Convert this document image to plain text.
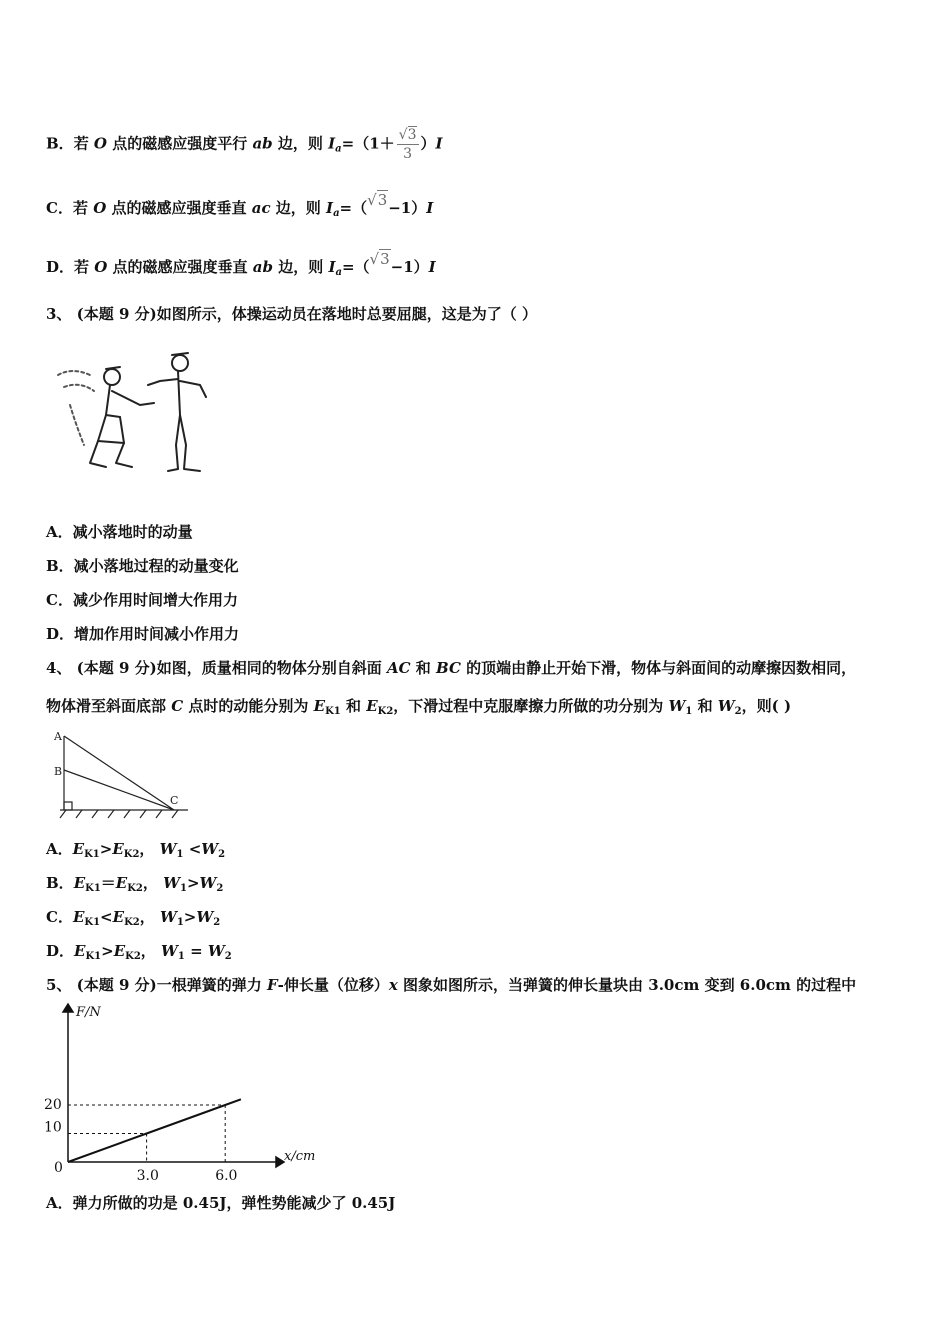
B．若 O 点的磁感应强度平行 ab 边，则 $I_a=(1+ \frac{√3}{3} )I$
C．若 O 点的磁感应强度垂直 ac 边，则 $I_a=(√3-1)I$
D．若 O 点的磁感应强度垂直 ab 边，则 $I_a=(√3-1)I$
3、 (本题 9 分)如图所示，体操运动员在落地时总要屈腿，这是为了（ ）
A．减小落地时的动量
B．减小落地过程的动量变化
C．减少作用时间增大作用力
D．增加作用时间减小作用力
4、 (本题 9 分)如图，质量相同的物体分别自斜面 AC 和 BC 的顶端由静止开始下滑，物体与斜面间的动摩擦因数相同，
物体滑至斜面底部 C 点时的动能分别为 $E_{K1}$ 和 $E_{K2}$，下滑过程中克服摩擦力所做的功分别为 $W_1$ 和 $W_2$，则( )
A
B
C
A．$E_{K1}>E_{K2}$， $W_1 <W_2$
B．$E_{K1}=E_{K2}$， $W_1>W_2$
C．$E_{K1}<E_{K2}$， $W_1>W_2$
D．$E_{K1}>E_{K2}$， $W_1 = W_2$
5、 (本题 9 分)一根弹簧的弹力 F-伸长量（位移）x 图象如图所示，当弹簧的伸长量块由 3.0cm 变到 6.0cm 的过程中
3.0	6.0
10
20
0
x/cm
F/N
A．弹力所做的功是 0.45J，弹性势能减少了 0.45J
